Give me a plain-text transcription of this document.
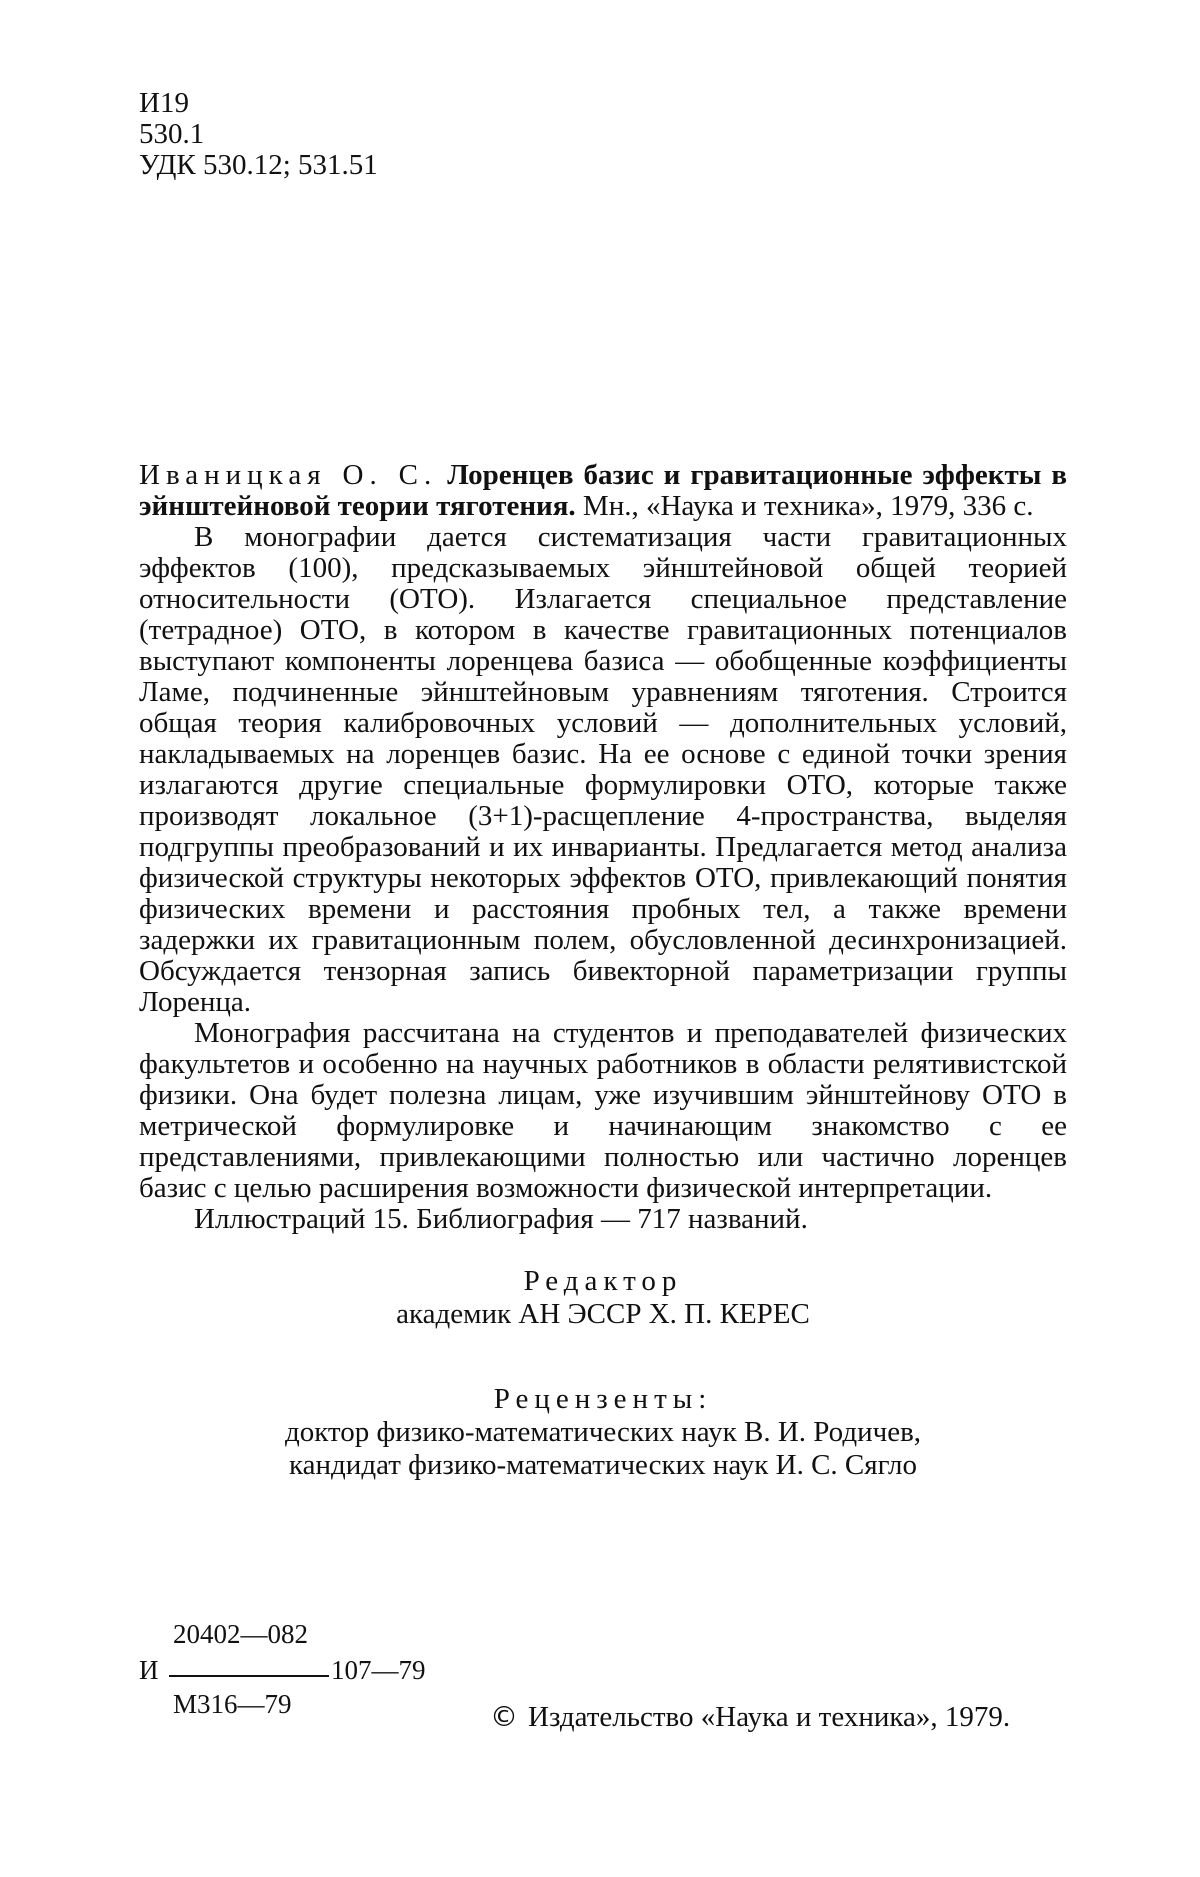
И19
530.1
УДК 530.12; 531.51

Иваницкая О. С. Лоренцев базис и гравитационные эффекты в эйнштейновой теории тяготения. Мн., «Наука и техника», 1979, 336 с.

В монографии дается систематизация части гравитационных эффектов (100), предсказываемых эйнштейновой общей теорией относительности (ОТО). Излагается специальное представление (тетрадное) ОТО, в котором в качестве гравитационных потенциалов выступают компоненты лоренцева базиса — обобщенные коэффициенты Ламе, подчиненные эйнштейновым уравнениям тяготения. Строится общая теория калибровочных условий — дополнительных условий, накладываемых на лоренцев базис. На ее основе с единой точки зрения излагаются другие специальные формулировки ОТО, которые также производят локальное (3+1)-расщепление 4-пространства, выделяя подгруппы преобразований и их инварианты. Предлагается метод анализа физической структуры некоторых эффектов ОТО, привлекающий понятия физических времени и расстояния пробных тел, а также времени задержки их гравитационным полем, обусловленной десинхронизацией. Обсуждается тензорная запись бивекторной параметризации группы Лоренца.

Монография рассчитана на студентов и преподавателей физических факультетов и особенно на научных работников в области релятивистской физики. Она будет полезна лицам, уже изучившим эйнштейнову ОТО в метрической формулировке и начинающим знакомство с ее представлениями, привлекающими полностью или частично лоренцев базис с целью расширения возможности физической интерпретации.

Иллюстраций 15. Библиография — 717 названий.

Редактор
академик АН ЭССР Х. П. КЕРЕС
Рецензенты:
доктор физико-математических наук В. И. Родичев,
кандидат физико-математических наук И. С. Сягло
20402—082
И	107—79
М316—79	© Издательство «Наука и техника», 1979.
